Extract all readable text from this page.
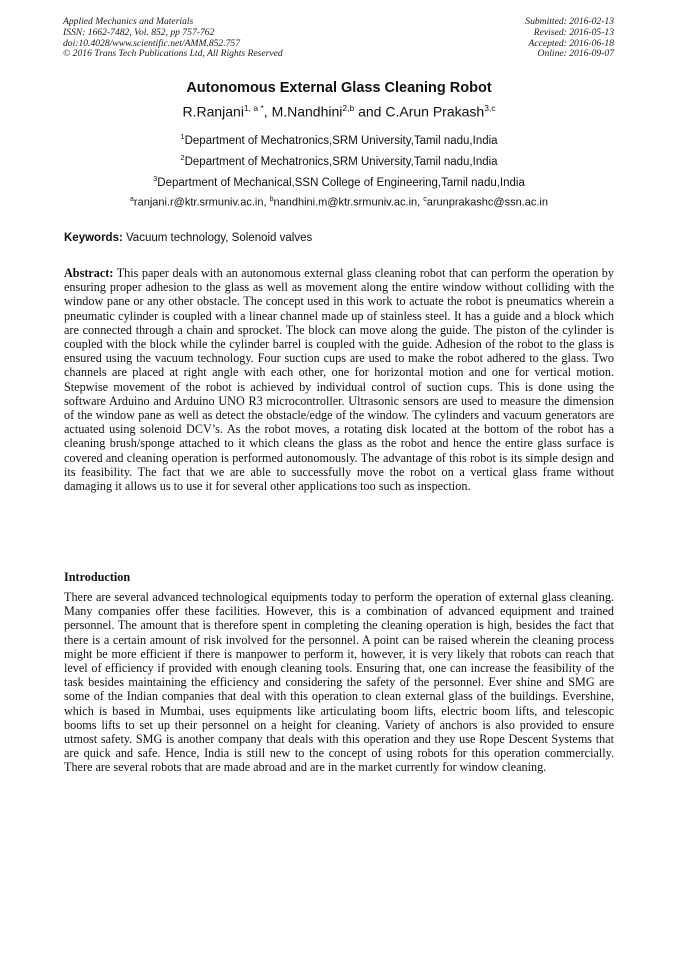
Applied Mechanics and Materials
ISSN: 1662-7482, Vol. 852, pp 757-762
doi:10.4028/www.scientific.net/AMM.852.757
© 2016 Trans Tech Publications Ltd, All Rights Reserved
Submitted: 2016-02-13
Revised: 2016-05-13
Accepted: 2016-06-18
Online: 2016-09-07
Autonomous External Glass Cleaning Robot
R.Ranjani$^{1, a *}$, M.Nandhini$^{2,b}$ and C.Arun Prakash$^{3,c}$
$^1$Department of Mechatronics,SRM University,Tamil nadu,India
$^2$Department of Mechatronics,SRM University,Tamil nadu,India
$^3$Department of Mechanical,SSN College of Engineering,Tamil nadu,India
$^a$ranjani.r@ktr.srmuniv.ac.in, $^b$nandhini.m@ktr.srmuniv.ac.in, $^c$arunprakashc@ssn.ac.in
Keywords: Vacuum technology, Solenoid valves
Abstract: This paper deals with an autonomous external glass cleaning robot that can perform the operation by ensuring proper adhesion to the glass as well as movement along the entire window without colliding with the window pane or any other obstacle. The concept used in this work to actuate the robot is pneumatics wherein a pneumatic cylinder is coupled with a linear channel made up of stainless steel. It has a guide and a block which are connected through a chain and sprocket. The block can move along the guide. The piston of the cylinder is coupled with the block while the cylinder barrel is coupled with the guide. Adhesion of the robot to the glass is ensured using the vacuum technology. Four suction cups are used to make the robot adhered to the glass. Two channels are placed at right angle with each other, one for horizontal motion and one for vertical motion. Stepwise movement of the robot is achieved by individual control of suction cups. This is done using the software Arduino and Arduino UNO R3 microcontroller. Ultrasonic sensors are used to measure the dimension of the window pane as well as detect the obstacle/edge of the window. The cylinders and vacuum generators are actuated using solenoid DCV’s. As the robot moves, a rotating disk located at the bottom of the robot has a cleaning brush/sponge attached to it which cleans the glass as the robot and hence the entire glass surface is covered and cleaning operation is performed autonomously. The advantage of this robot is its simple design and its feasibility. The fact that we are able to successfully move the robot on a vertical glass frame without damaging it allows us to use it for several other applications too such as inspection.
Introduction
There are several advanced technological equipments today to perform the operation of external glass cleaning. Many companies offer these facilities. However, this is a combination of advanced equipment and trained personnel. The amount that is therefore spent in completing the cleaning operation is high, besides the fact that there is a certain amount of risk involved for the personnel. A point can be raised wherein the cleaning process might be more efficient if there is manpower to perform it, however, it is very likely that robots can reach that level of efficiency if provided with enough cleaning tools. Ensuring that, one can increase the feasibility of the task besides maintaining the efficiency and considering the safety of the personnel. Ever shine and SMG are some of the Indian companies that deal with this operation to clean external glass of the buildings. Evershine, which is based in Mumbai, uses equipments like articulating boom lifts, electric boom lifts, and telescopic booms lifts to set up their personnel on a height for cleaning. Variety of anchors is also provided to ensure utmost safety. SMG is another company that deals with this operation and they use Rope Descent Systems that are quick and safe. Hence, India is still new to the concept of using robots for this operation commercially. There are several robots that are made abroad and are in the market currently for window cleaning.
